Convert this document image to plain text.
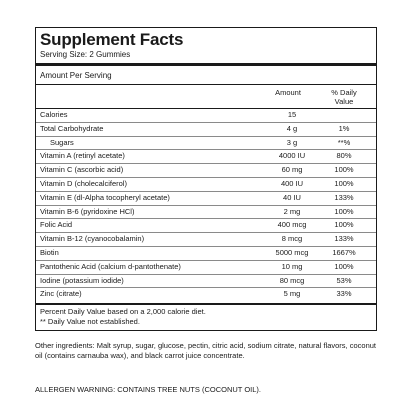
Supplement Facts
Serving Size: 2 Gummies
Amount Per Serving
Amount	% Daily
Value
Calories	15
Total Carbohydrate	4 g	1%
Sugars	3 g	**%
Vitamin A (retinyl acetate)	4000 IU	80%
Vitamin C (ascorbic acid)	60 mg	100%
Vitamin D (cholecalciferol)	400 IU	100%
Vitamin E (dl-Alpha tocopheryl acetate)	40 IU	133%
Vitamin B-6 (pyridoxine HCl)	2 mg	100%
Folic Acid	400 mcg	100%
Vitamin B-12 (cyanocobalamin)	8 mcg	133%
Biotin	5000 mcg	1667%
Pantothenic Acid (calcium d-pantothenate)	10 mg	100%
Iodine (potassium iodide)	80 mcg	53%
Zinc (citrate)	5 mg	33%
Percent Daily Value based on a 2,000 calorie diet.
** Daily Value not established.
Other ingredients: Malt syrup, sugar, glucose, pectin, citric acid, sodium citrate, natural flavors, coconut oil (contains carnauba wax), and black carrot juice concentrate.
ALLERGEN WARNING: CONTAINS TREE NUTS (COCONUT OIL).
